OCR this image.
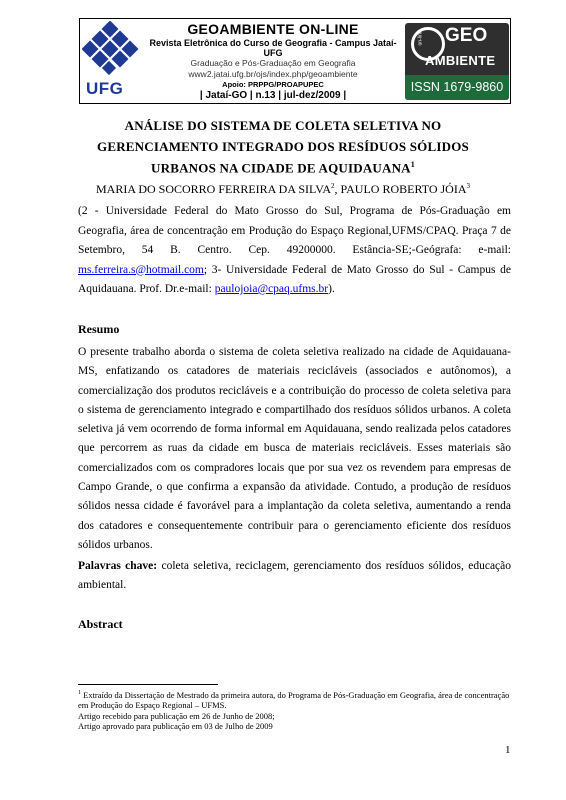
UFG
GEOAMBIENTE ON-LINE
Revista Eletrônica do Curso de Geografia - Campus Jataí- UFG
Graduação e Pós-Graduação em Geografia
www2.jatai.ufg.br/ojs/index.php/geoambiente
Apoio: PRPPG/PROAPUPEC
| Jataí-GO | n.13 | jul-dez/2009 |
on-line GEO
AMBIENTE
ISSN 1679-9860
ANÁLISE DO SISTEMA DE COLETA SELETIVA NO
GERENCIAMENTO INTEGRADO DOS RESÍDUOS SÓLIDOS
URBANOS NA CIDADE DE AQUIDAUANA$^1$
MARIA DO SOCORRO FERREIRA DA SILVA$^2$, PAULO ROBERTO JÓIA$^3$
(2 - Universidade Federal do Mato Grosso do Sul, Programa de Pós-Graduação em Geografia, área de concentração em Produção do Espaço Regional,UFMS/CPAQ. Praça 7 de Setembro, 54 B. Centro. Cep. 49200000. Estância-SE;-Geógrafa: e-mail: ms.ferreira.s@hotmail.com; 3- Universidade Federal de Mato Grosso do Sul - Campus de Aquidauana. Prof. Dr.e-mail: paulojoia@cpaq.ufms.br).
Resumo
O presente trabalho aborda o sistema de coleta seletiva realizado na cidade de Aquidauana-MS, enfatizando os catadores de materiais recicláveis (associados e autônomos), a comercialização dos produtos recicláveis e a contribuição do processo de coleta seletiva para o sistema de gerenciamento integrado e compartilhado dos resíduos sólidos urbanos. A coleta seletiva já vem ocorrendo de forma informal em Aquidauana, sendo realizada pelos catadores que percorrem as ruas da cidade em busca de materiais recicláveis. Esses materiais são comercializados com os compradores locais que por sua vez os revendem para empresas de Campo Grande, o que confirma a expansão da atividade. Contudo, a produção de resíduos sólidos nessa cidade é favorável para a implantação da coleta seletiva, aumentando a renda dos catadores e consequentemente contribuir para o gerenciamento eficiente dos resíduos sólidos urbanos.
Palavras chave: coleta seletiva, reciclagem, gerenciamento dos resíduos sólidos, educação ambiental.
Abstract
$^1$ Extraído da Dissertação de Mestrado da primeira autora, do Programa de Pós-Graduação em Geografia, área de concentração em Produção do Espaço Regional – UFMS.
Artigo recebido para publicação em 26 de Junho de 2008;
Artigo aprovado para publicação em 03 de Julho de 2009
1
